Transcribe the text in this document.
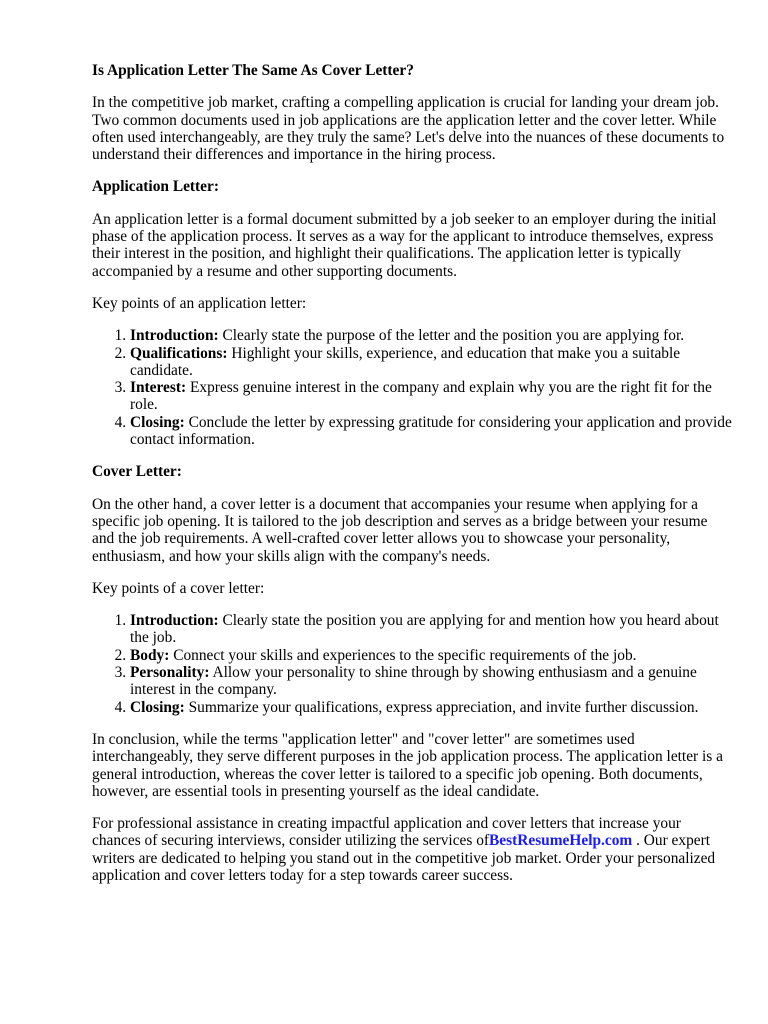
Is Application Letter The Same As Cover Letter?

In the competitive job market, crafting a compelling application is crucial for landing your dream job. Two common documents used in job applications are the application letter and the cover letter. While often used interchangeably, are they truly the same? Let's delve into the nuances of these documents to understand their differences and importance in the hiring process.

Application Letter:

An application letter is a formal document submitted by a job seeker to an employer during the initial phase of the application process. It serves as a way for the applicant to introduce themselves, express their interest in the position, and highlight their qualifications. The application letter is typically accompanied by a resume and other supporting documents.

Key points of an application letter:

1. Introduction: Clearly state the purpose of the letter and the position you are applying for.
2. Qualifications: Highlight your skills, experience, and education that make you a suitable candidate.
3. Interest: Express genuine interest in the company and explain why you are the right fit for the role.
4. Closing: Conclude the letter by expressing gratitude for considering your application and provide contact information.
Cover Letter:

On the other hand, a cover letter is a document that accompanies your resume when applying for a specific job opening. It is tailored to the job description and serves as a bridge between your resume and the job requirements. A well-crafted cover letter allows you to showcase your personality, enthusiasm, and how your skills align with the company's needs.

Key points of a cover letter:

1. Introduction: Clearly state the position you are applying for and mention how you heard about the job.
2. Body: Connect your skills and experiences to the specific requirements of the job.
3. Personality: Allow your personality to shine through by showing enthusiasm and a genuine interest in the company.
4. Closing: Summarize your qualifications, express appreciation, and invite further discussion.

In conclusion, while the terms "application letter" and "cover letter" are sometimes used interchangeably, they serve different purposes in the job application process. The application letter is a general introduction, whereas the cover letter is tailored to a specific job opening. Both documents, however, are essential tools in presenting yourself as the ideal candidate.

For professional assistance in creating impactful application and cover letters that increase your chances of securing interviews, consider utilizing the services ofBestResumeHelp.com . Our expert writers are dedicated to helping you stand out in the competitive job market. Order your personalized application and cover letters today for a step towards career success.
